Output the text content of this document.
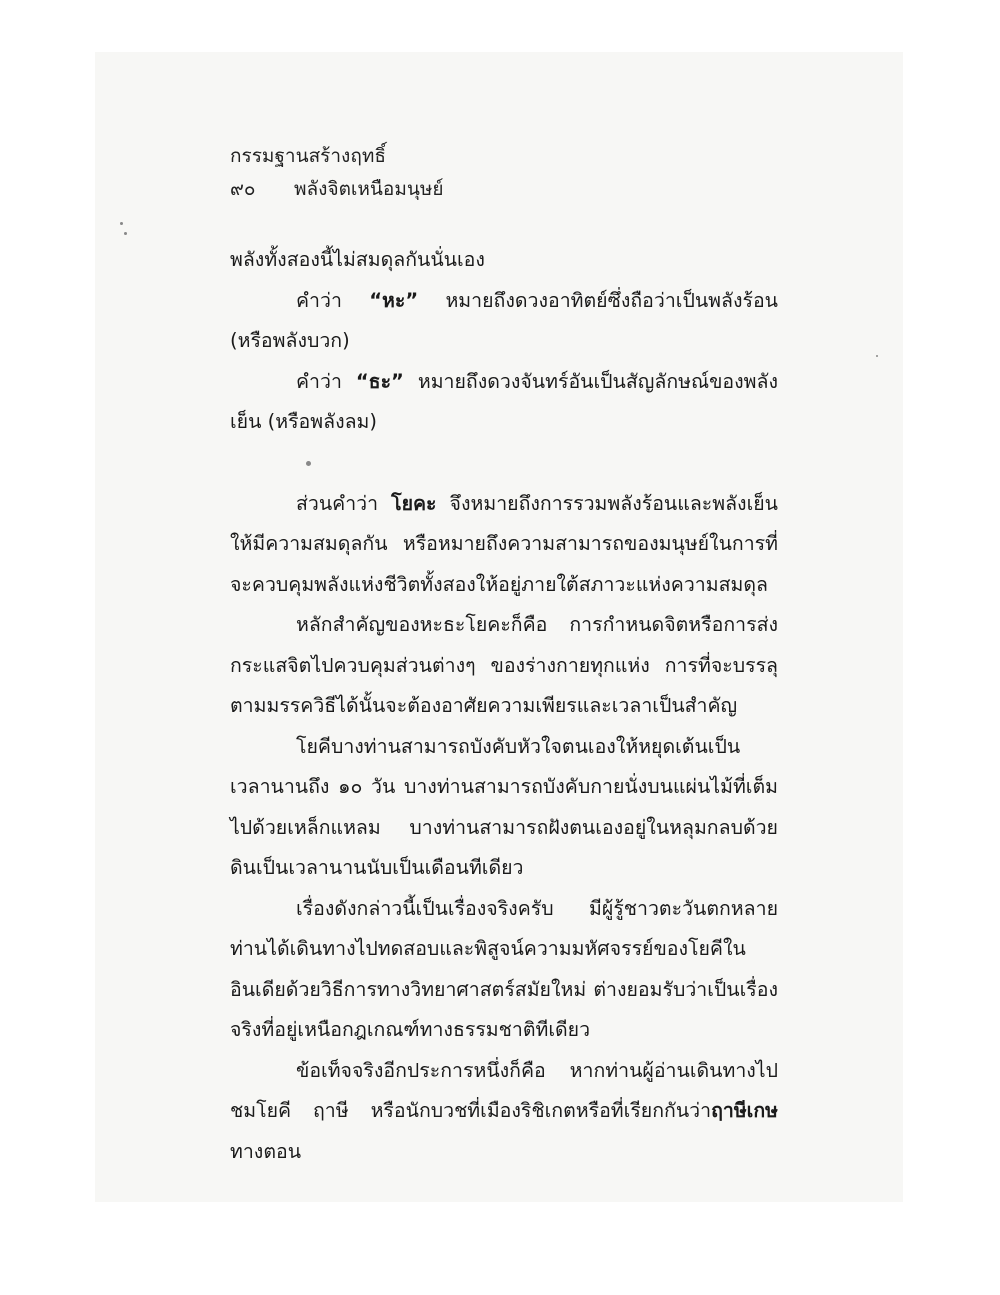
กรรมฐานสร้างฤทธิ์
๙๐	พลังจิตเหนือมนุษย์

พลังทั้งสองนี้ไม่สมดุลกันนั่นเอง

คำว่า “หะ” หมายถึงดวงอาทิตย์ซึ่งถือว่าเป็นพลังร้อน (หรือพลังบวก)

คำว่า “ธะ” หมายถึงดวงจันทร์อันเป็นสัญลักษณ์ของพลังเย็น (หรือพลังลม)

ส่วนคำว่า โยคะ จึงหมายถึงการรวมพลังร้อนและพลังเย็นให้มีความสมดุลกัน หรือหมายถึงความสามารถของมนุษย์ในการที่จะควบคุมพลังแห่งชีวิตทั้งสองให้อยู่ภายใต้สภาวะแห่งความสมดุล

หลักสำคัญของหะธะโยคะก็คือ การกำหนดจิตหรือการส่งกระแสจิตไปควบคุมส่วนต่างๆ ของร่างกายทุกแห่ง การที่จะบรรลุตามมรรควิธีได้นั้นจะต้องอาศัยความเพียรและเวลาเป็นสำคัญ

โยคีบางท่านสามารถบังคับหัวใจตนเองให้หยุดเต้นเป็นเวลานานถึง ๑๐ วัน บางท่านสามารถบังคับกายนั่งบนแผ่นไม้ที่เต็มไปด้วยเหล็กแหลม บางท่านสามารถฝังตนเองอยู่ในหลุมกลบด้วยดินเป็นเวลานานนับเป็นเดือนทีเดียว

เรื่องดังกล่าวนี้เป็นเรื่องจริงครับ มีผู้รู้ชาวตะวันตกหลายท่านได้เดินทางไปทดสอบและพิสูจน์ความมหัศจรรย์ของโยคีในอินเดียด้วยวิธีการทางวิทยาศาสตร์สมัยใหม่ ต่างยอมรับว่าเป็นเรื่องจริงที่อยู่เหนือกฎเกณฑ์ทางธรรมชาติทีเดียว

ข้อเท็จจริงอีกประการหนึ่งก็คือ หากท่านผู้อ่านเดินทางไปชมโยคี ฤาษี หรือนักบวชที่เมืองริชิเกตหรือที่เรียกกันว่าฤาษีเกษ ทางตอน
